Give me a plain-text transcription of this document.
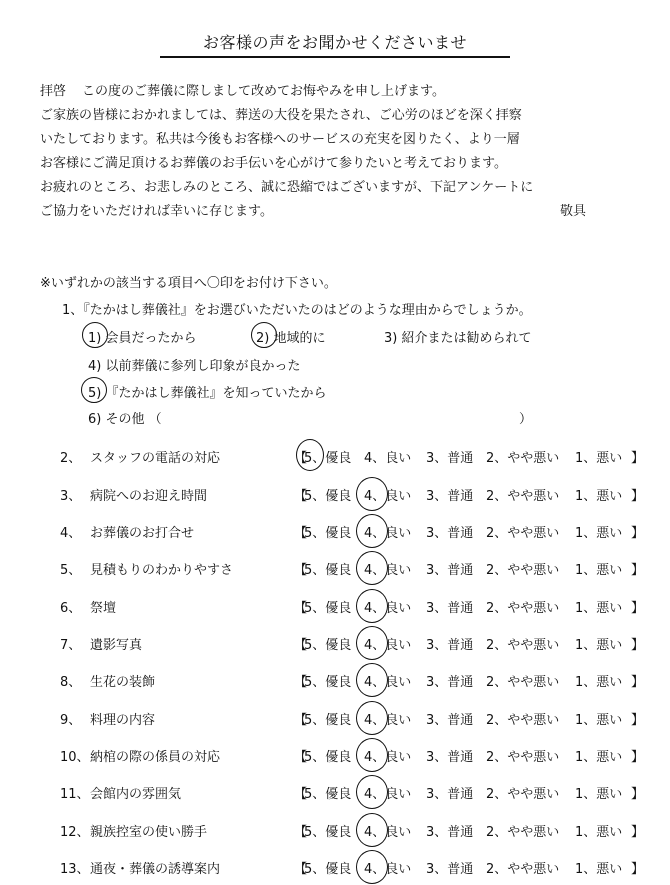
お客様の声をお聞かせくださいませ
拝啓 この度のご葬儀に際しまして改めてお悔やみを申し上げます。
ご家族の皆様におかれましては、葬送の大役を果たされ、ご心労のほどを深く拝察
いたしております。私共は今後もお客様へのサービスの充実を図りたく、より一層
お客様にご満足頂けるお葬儀のお手伝いを心がけて参りたいと考えております。
お疲れのところ、お悲しみのところ、誠に恐縮ではございますが、下記アンケートに
ご協力をいただければ幸いに存じます。	敬具
※いずれかの該当する項目へ〇印をお付け下さい。
1、『たかはし葬儀社』をお選びいただいたのはどのような理由からでしょうか。
1) 会員だったから	2) 地域的に	3) 紹介または勧められて
4) 以前葬儀に参列し印象が良かった
5) 『たかはし葬儀社』を知っていたから
6) その他 （	）
2、 スタッフの電話の対応	【5、優良 4、良い 3、普通 2、やや悪い 1、悪い 】
3、 病院へのお迎え時間	【5、優良 4、良い 3、普通 2、やや悪い 1、悪い 】
4、 お葬儀のお打合せ	【5、優良 4、良い 3、普通 2、やや悪い 1、悪い 】
5、 見積もりのわかりやすさ	【5、優良 4、良い 3、普通 2、やや悪い 1、悪い 】
6、 祭壇	【5、優良 4、良い 3、普通 2、やや悪い 1、悪い 】
7、 遺影写真	【5、優良 4、良い 3、普通 2、やや悪い 1、悪い 】
8、 生花の装飾	【5、優良 4、良い 3、普通 2、やや悪い 1、悪い 】
9、 料理の内容	【5、優良 4、良い 3、普通 2、やや悪い 1、悪い 】
10、 納棺の際の係員の対応	【5、優良 4、良い 3、普通 2、やや悪い 1、悪い 】
11、 会館内の雰囲気	【5、優良 4、良い 3、普通 2、やや悪い 1、悪い 】
12、 親族控室の使い勝手	【5、優良 4、良い 3、普通 2、やや悪い 1、悪い 】
13、 通夜・葬儀の誘導案内	【5、優良 4、良い 3、普通 2、やや悪い 1、悪い 】
